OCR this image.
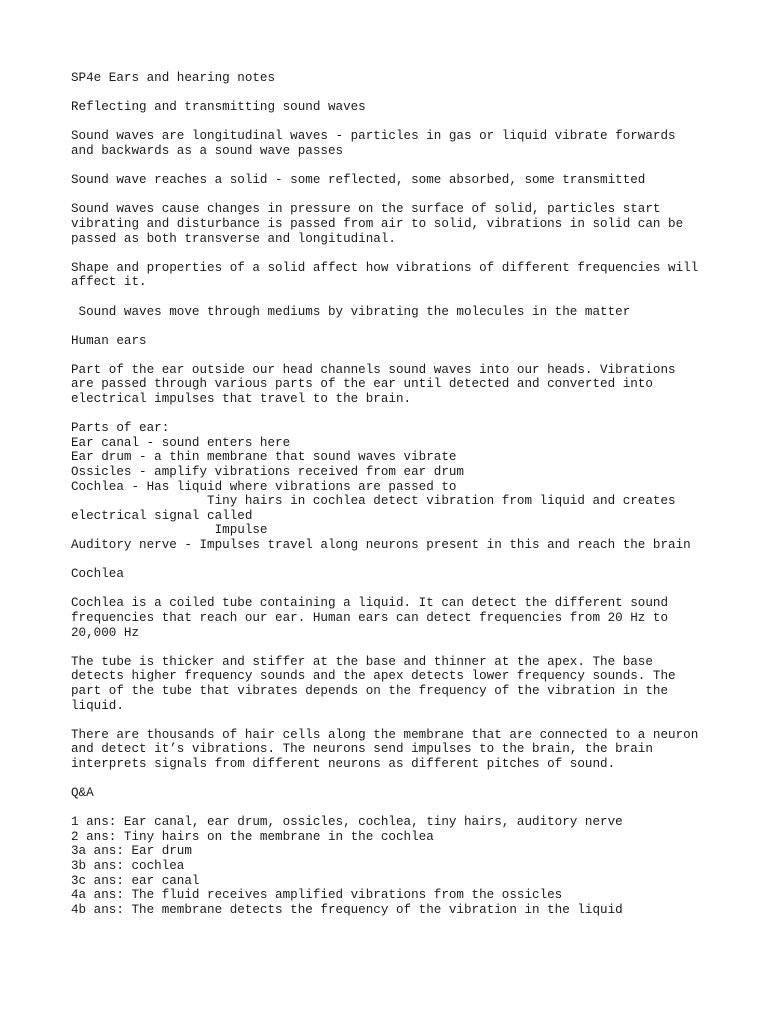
SP4e Ears and hearing notes
Reflecting and transmitting sound waves
Sound waves are longitudinal waves - particles in gas or liquid vibrate forwards
and backwards as a sound wave passes
Sound wave reaches a solid - some reflected, some absorbed, some transmitted
Sound waves cause changes in pressure on the surface of solid, particles start
vibrating and disturbance is passed from air to solid, vibrations in solid can be
passed as both transverse and longitudinal.
Shape and properties of a solid affect how vibrations of different frequencies will
affect it.
Sound waves move through mediums by vibrating the molecules in the matter
Human ears
Part of the ear outside our head channels sound waves into our heads. Vibrations
are passed through various parts of the ear until detected and converted into
electrical impulses that travel to the brain.
Parts of ear:
Ear canal - sound enters here
Ear drum - a thin membrane that sound waves vibrate
Ossicles - amplify vibrations received from ear drum
Cochlea - Has liquid where vibrations are passed to
Tiny hairs in cochlea detect vibration from liquid and creates
electrical signal called
Impulse
Auditory nerve - Impulses travel along neurons present in this and reach the brain
Cochlea
Cochlea is a coiled tube containing a liquid. It can detect the different sound
frequencies that reach our ear. Human ears can detect frequencies from 20 Hz to
20,000 Hz
The tube is thicker and stiffer at the base and thinner at the apex. The base
detects higher frequency sounds and the apex detects lower frequency sounds. The
part of the tube that vibrates depends on the frequency of the vibration in the
liquid.
There are thousands of hair cells along the membrane that are connected to a neuron
and detect it’s vibrations. The neurons send impulses to the brain, the brain
interprets signals from different neurons as different pitches of sound.
Q&A
1 ans: Ear canal, ear drum, ossicles, cochlea, tiny hairs, auditory nerve
2 ans: Tiny hairs on the membrane in the cochlea
3a ans: Ear drum
3b ans: cochlea
3c ans: ear canal
4a ans: The fluid receives amplified vibrations from the ossicles
4b ans: The membrane detects the frequency of the vibration in the liquid
